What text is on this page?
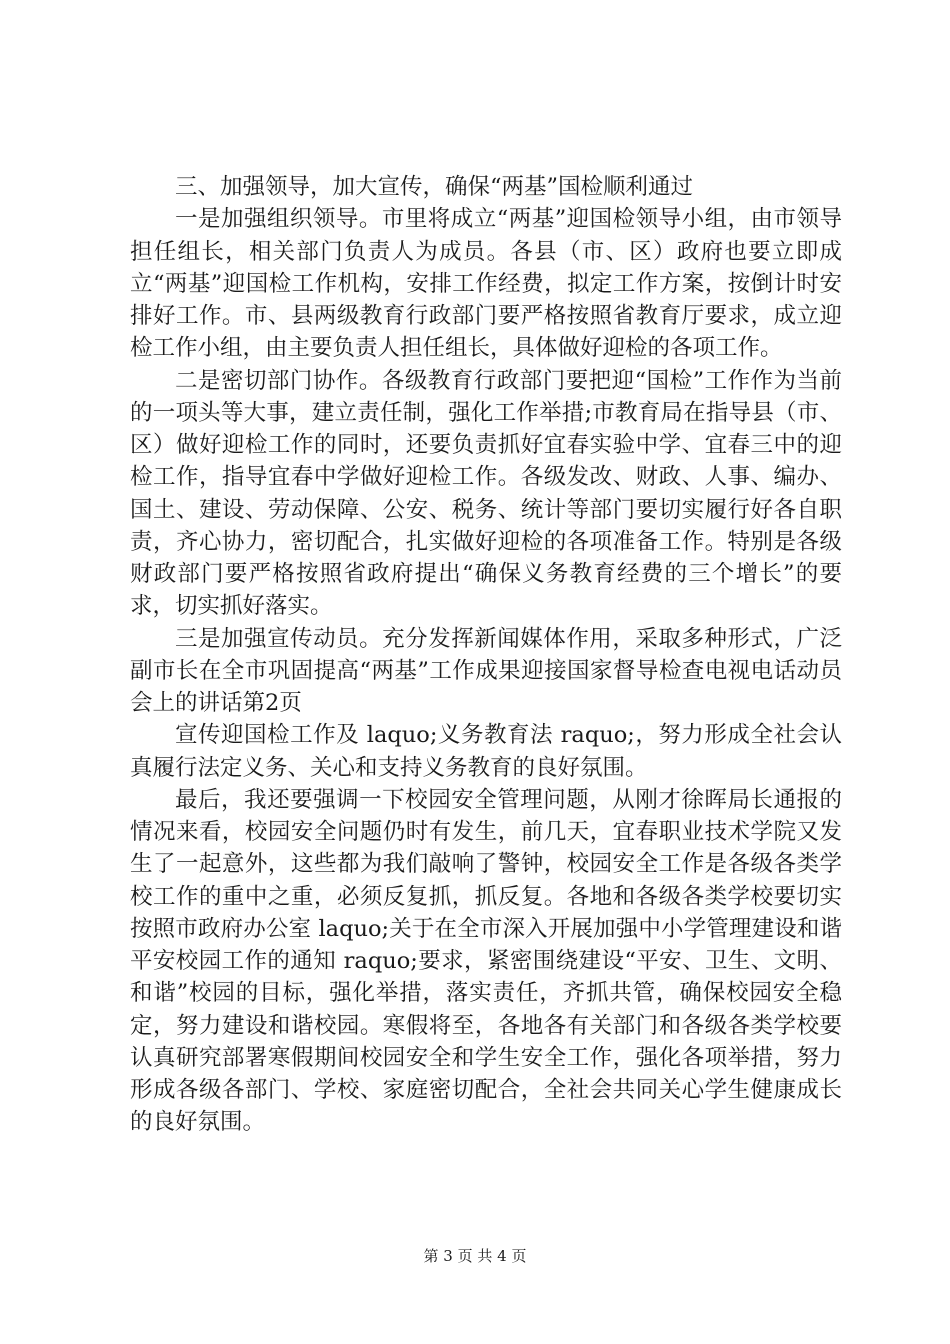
三、加强领导，加大宣传，确保“两基”国检顺利通过

一是加强组织领导。市里将成立“两基”迎国检领导小组，由市领导担任组长，相关部门负责人为成员。各县（市、区）政府也要立即成立“两基”迎国检工作机构，安排工作经费，拟定工作方案，按倒计时安排好工作。市、县两级教育行政部门要严格按照省教育厅要求，成立迎检工作小组，由主要负责人担任组长，具体做好迎检的各项工作。

二是密切部门协作。各级教育行政部门要把迎“国检”工作作为当前的一项头等大事，建立责任制，强化工作举措;市教育局在指导县（市、区）做好迎检工作的同时，还要负责抓好宜春实验中学、宜春三中的迎检工作，指导宜春中学做好迎检工作。各级发改、财政、人事、编办、国土、建设、劳动保障、公安、税务、统计等部门要切实履行好各自职责，齐心协力，密切配合，扎实做好迎检的各项准备工作。特别是各级财政部门要严格按照省政府提出“确保义务教育经费的三个增长”的要求，切实抓好落实。

三是加强宣传动员。充分发挥新闻媒体作用，采取多种形式，广泛副市长在全市巩固提高“两基”工作成果迎接国家督导检查电视电话动员会上的讲话第2页

宣传迎国检工作及 laquo;义务教育法 raquo;，努力形成全社会认真履行法定义务、关心和支持义务教育的良好氛围。

最后，我还要强调一下校园安全管理问题，从刚才徐晖局长通报的情况来看，校园安全问题仍时有发生，前几天，宜春职业技术学院又发生了一起意外，这些都为我们敲响了警钟，校园安全工作是各级各类学校工作的重中之重，必须反复抓，抓反复。各地和各级各类学校要切实按照市政府办公室 laquo;关于在全市深入开展加强中小学管理建设和谐平安校园工作的通知 raquo;要求，紧密围绕建设“平安、卫生、文明、和谐”校园的目标，强化举措，落实责任，齐抓共管，确保校园安全稳定，努力建设和谐校园。寒假将至，各地各有关部门和各级各类学校要认真研究部署寒假期间校园安全和学生安全工作，强化各项举措，努力形成各级各部门、学校、家庭密切配合，全社会共同关心学生健康成长的良好氛围。

第 3 页 共 4 页
